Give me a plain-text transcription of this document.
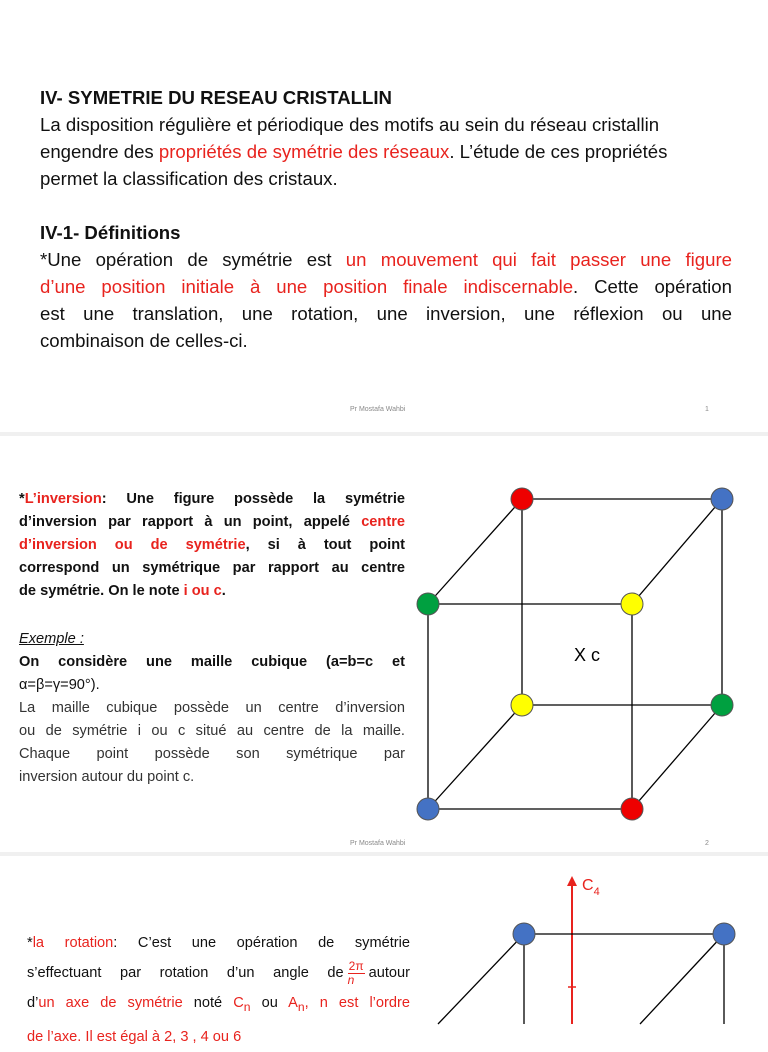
IV- SYMETRIE DU RESEAU CRISTALLIN
La disposition régulière et périodique des motifs au sein du réseau cristallin
engendre des propriétés de symétrie des réseaux. L’étude de ces propriétés
permet la classification des cristaux.
IV-1- Définitions
*Une opération de symétrie est un mouvement qui fait passer une figure
d’une position initiale à une position finale indiscernable. Cette opération
est une translation, une rotation, une inversion, une réflexion ou une
combinaison de celles-ci.
Pr Mostafa Wahbi	1
*L’inversion: Une figure possède la symétrie
d’inversion par rapport à un point, appelé centre
d’inversion ou de symétrie, si à tout point
correspond un symétrique par rapport au centre
de symétrie. On le note i ou c.
Exemple :
On considère une maille cubique (a=b=c et
α=β=γ=90°).
La maille cubique possède un centre d’inversion
ou de symétrie i ou c situé au centre de la maille.
Chaque point possède son symétrique par
inversion autour du point c.
X c
Pr Mostafa Wahbi	2
*la rotation: C’est une opération de symétrie
s’effectuant par rotation d’un angle de $\frac{2\pi}{n}$ autour
d’un axe de symétrie noté $C_n$ ou $A_n$, n est l’ordre
de l’axe. Il est égal à 2, 3 , 4 ou 6
$C_4$
